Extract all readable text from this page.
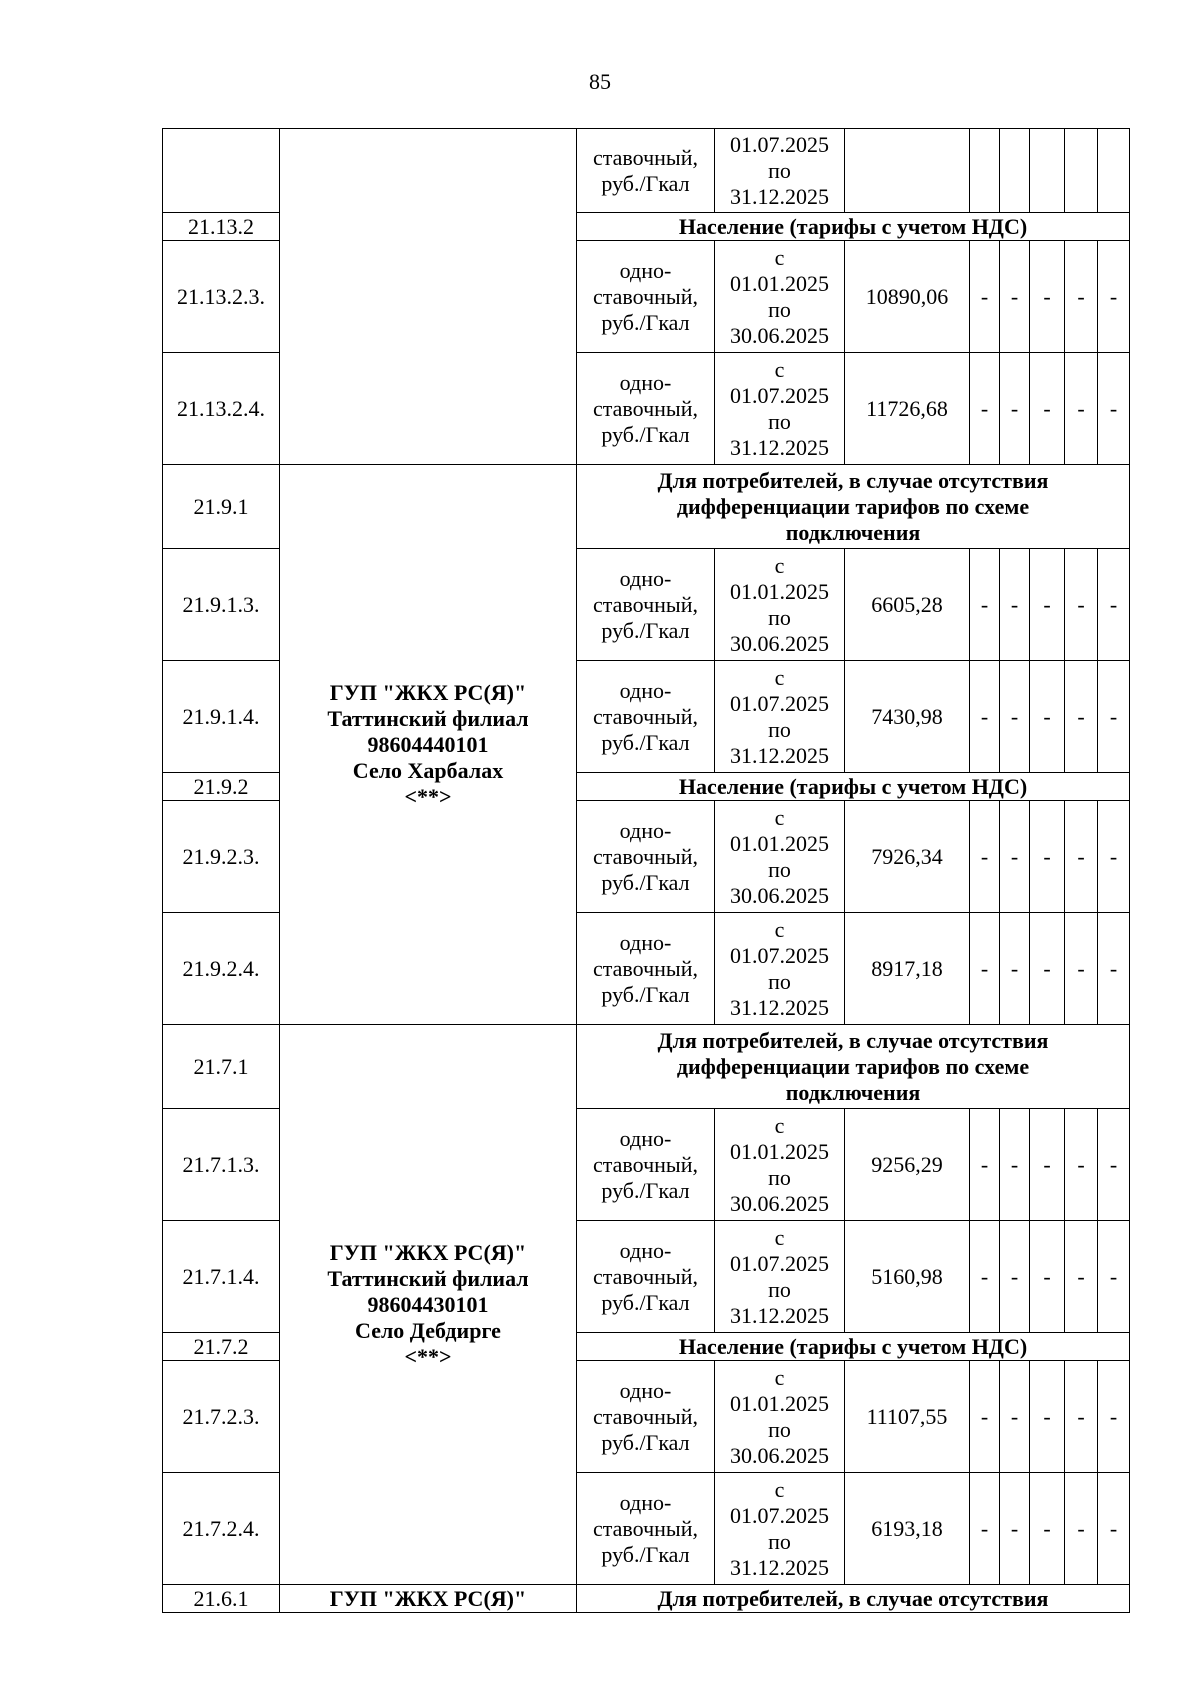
85
		ставочный,
руб./Гкал	01.07.2025
по
31.12.2025						
21.13.2		Население (тарифы с учетом НДС)							
21.13.2.3.		одно-
ставочный,
руб./Гкал	с
01.01.2025
по
30.06.2025	10890,06	-	-	-	-	-
21.13.2.4.		одно-
ставочный,
руб./Гкал	с
01.07.2025
по
31.12.2025	11726,68	-	-	-	-	-
21.9.1	ГУП "ЖКХ РС(Я)"
Таттинский филиал
98604440101
Село Харбалах
<**>	Для потребителей, в случае отсутствия
дифференциации тарифов по схеме
подключения							
21.9.1.3.		одно-
ставочный,
руб./Гкал	с
01.01.2025
по
30.06.2025	6605,28	-	-	-	-	-
21.9.1.4.		одно-
ставочный,
руб./Гкал	с
01.07.2025
по
31.12.2025	7430,98	-	-	-	-	-
21.9.2		Население (тарифы с учетом НДС)							
21.9.2.3.		одно-
ставочный,
руб./Гкал	с
01.01.2025
по
30.06.2025	7926,34	-	-	-	-	-
21.9.2.4.		одно-
ставочный,
руб./Гкал	с
01.07.2025
по
31.12.2025	8917,18	-	-	-	-	-
21.7.1	ГУП "ЖКХ РС(Я)"
Таттинский филиал
98604430101
Село Дебдирге
<**>	Для потребителей, в случае отсутствия
дифференциации тарифов по схеме
подключения							
21.7.1.3.		одно-
ставочный,
руб./Гкал	с
01.01.2025
по
30.06.2025	9256,29	-	-	-	-	-
21.7.1.4.		одно-
ставочный,
руб./Гкал	с
01.07.2025
по
31.12.2025	5160,98	-	-	-	-	-
21.7.2		Население (тарифы с учетом НДС)							
21.7.2.3.		одно-
ставочный,
руб./Гкал	с
01.01.2025
по
30.06.2025	11107,55	-	-	-	-	-
21.7.2.4.		одно-
ставочный,
руб./Гкал	с
01.07.2025
по
31.12.2025	6193,18	-	-	-	-	-
21.6.1	ГУП "ЖКХ РС(Я)"	Для потребителей, в случае отсутствия							
